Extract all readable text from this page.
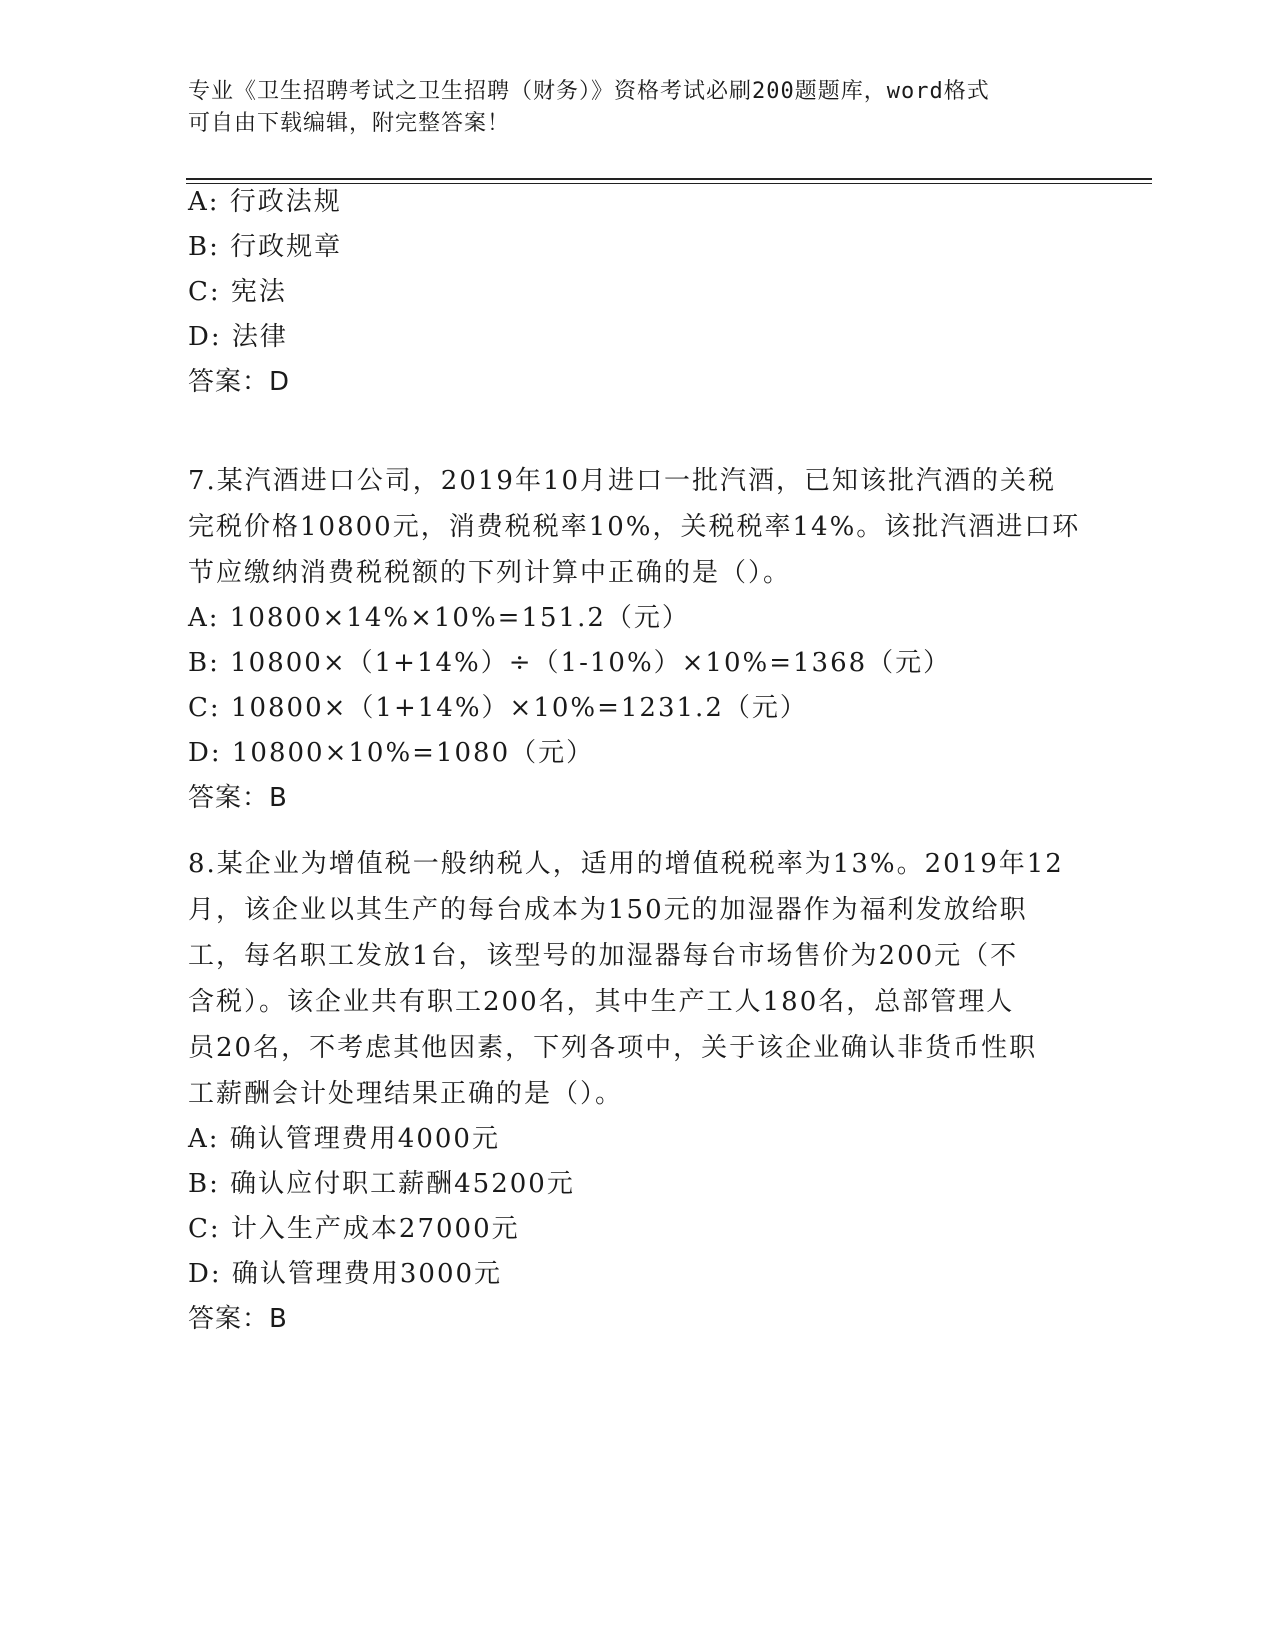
专业《卫生招聘考试之卫生招聘（财务）》资格考试必刷200题题库，word格式
可自由下载编辑，附完整答案！
A: 行政法规
B: 行政规章
C: 宪法
D: 法律
答案：D
7.某汽酒进口公司，2019年10月进口一批汽酒，已知该批汽酒的关税
完税价格10800元，消费税税率10%，关税税率14%。该批汽酒进口环
节应缴纳消费税税额的下列计算中正确的是（）。
A: 10800×14%×10%=151.2（元）
B: 10800×（1+14%）÷（1-10%）×10%=1368（元）
C: 10800×（1+14%）×10%=1231.2（元）
D: 10800×10%=1080（元）
答案：B
8.某企业为增值税一般纳税人，适用的增值税税率为13%。2019年12
月，该企业以其生产的每台成本为150元的加湿器作为福利发放给职
工，每名职工发放1台，该型号的加湿器每台市场售价为200元（不
含税）。该企业共有职工200名，其中生产工人180名，总部管理人
员20名，不考虑其他因素，下列各项中，关于该企业确认非货币性职
工薪酬会计处理结果正确的是（）。
A: 确认管理费用4000元
B: 确认应付职工薪酬45200元
C: 计入生产成本27000元
D: 确认管理费用3000元
答案：B
